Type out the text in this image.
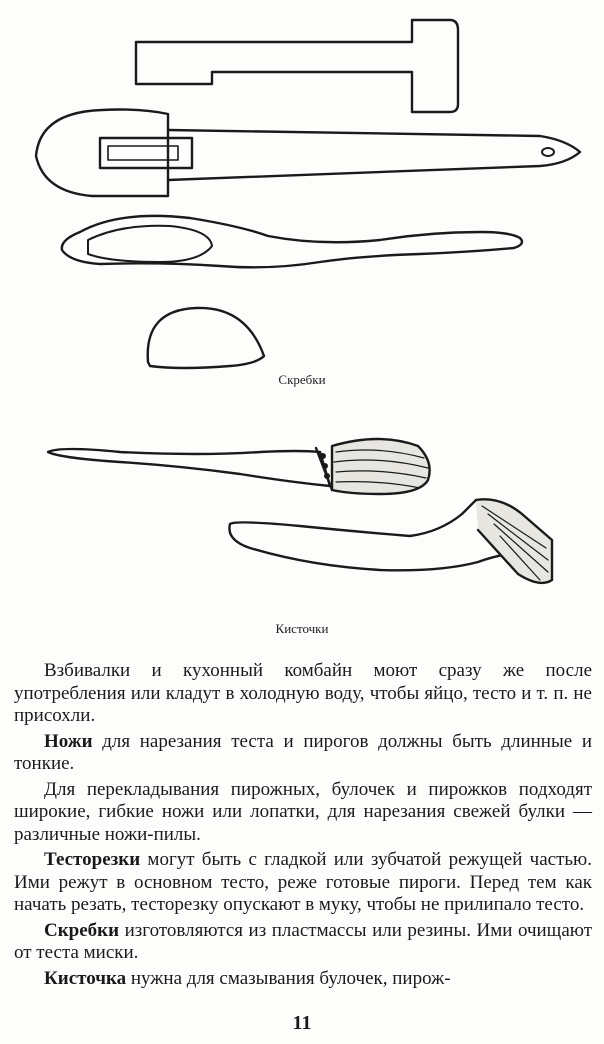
Скребки
Кисточки

Взбивалки и кухонный комбайн моют сразу же после употребления или кладут в холодную воду, чтобы яйцо, тесто и т. п. не присохли.

Ножи для нарезания теста и пирогов должны быть длинные и тонкие.

Для перекладывания пирожных, булочек и пирожков подходят широкие, гибкие ножи или лопатки, для нарезания свежей булки — различные ножи-пилы.

Тесторезки могут быть с гладкой или зубчатой режущей частью. Ими режут в основном тесто, реже готовые пироги. Перед тем как начать резать, тесторезку опускают в муку, чтобы не прилипало тесто.

Скребки изготовляются из пластмассы или резины. Ими очищают от теста миски.

Кисточка нужна для смазывания булочек, пирож-

11
